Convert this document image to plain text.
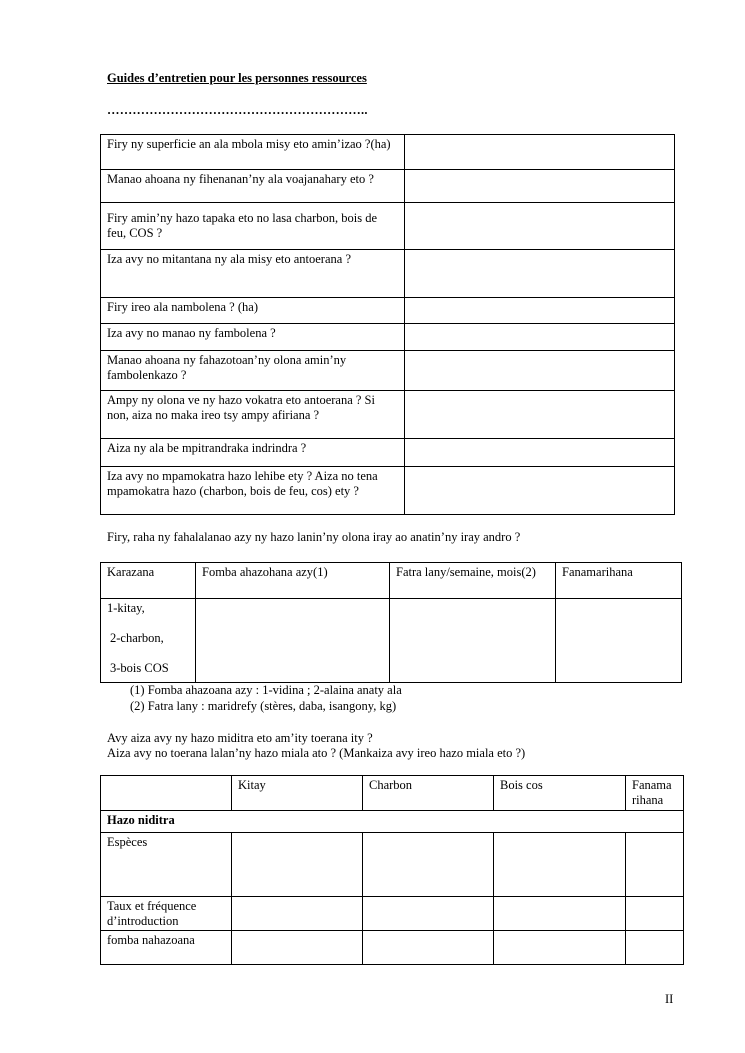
Guides d’entretien pour les personnes ressources
……………………………………………………..
Firy ny superficie an ala mbola misy eto amin’izao ?(ha)	
Manao ahoana ny fihenanan’ny ala voajanahary eto ?	

Firy amin’ny hazo tapaka eto no lasa charbon, bois de feu, COS ?	

Iza avy no mitantana ny ala misy eto antoerana ?	
Firy ireo ala nambolena ? (ha)	
Iza avy no manao ny fambolena ?	
Manao ahoana ny fahazotoan’ny olona amin’ny fambolenkazo ?	
Ampy ny olona ve ny hazo vokatra eto antoerana ? Si non, aiza no maka ireo tsy ampy afiriana ?	
Aiza ny ala be mpitrandraka indrindra ?	
Iza avy no mpamokatra hazo lehibe ety ? Aiza no tena mpamokatra hazo (charbon, bois de feu, cos) ety ?	
Firy, raha ny fahalalanao azy ny hazo lanin’ny olona iray ao anatin’ny iray andro ?
Karazana	Fomba ahazohana azy(1)	Fatra lany/semaine, mois(2)	Fanamarihana

1-kitay,
2-charbon,
3-bois COS			

(1) Fomba ahazoana azy : 1-vidina ; 2-alaina anaty ala
(2) Fatra lany : maridrefy (stères, daba, isangony, kg)
Avy aiza avy ny hazo miditra eto am’ity toerana ity ?
Aiza avy no toerana lalan’ny hazo miala ato ? (Mankaiza avy ireo hazo miala eto ?)
	Kitay	Charbon	Bois cos	Fanama rihana
Hazo niditra				
Espèces				
Taux et fréquence d’introduction				
fomba nahazoana				
II
